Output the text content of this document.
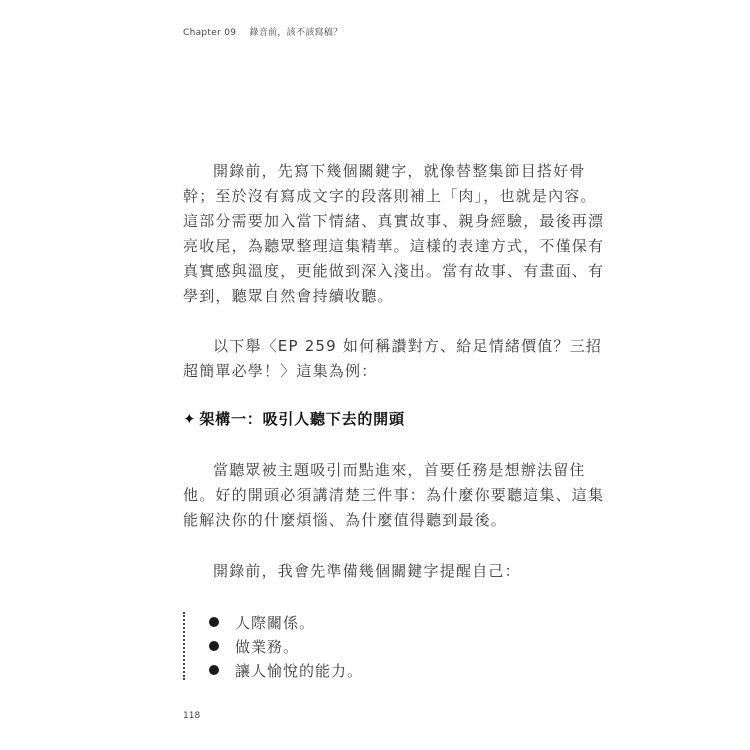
Chapter 09 錄音前，該不該寫稿？

開錄前，先寫下幾個關鍵字，就像替整集節目搭好骨
幹；至於沒有寫成文字的段落則補上「肉」，也就是內容。
這部分需要加入當下情緒、真實故事、親身經驗，最後再漂
亮收尾，為聽眾整理這集精華。這樣的表達方式，不僅保有
真實感與溫度，更能做到深入淺出。當有故事、有畫面、有
學到，聽眾自然會持續收聽。

以下舉〈EP 259 如何稱讚對方、給足情緒價值？三招
超簡單必學！〉這集為例：

✦ 架構一：吸引人聽下去的開頭

當聽眾被主題吸引而點進來，首要任務是想辦法留住
他。好的開頭必須講清楚三件事：為什麼你要聽這集、這集
能解決你的什麼煩惱、為什麼值得聽到最後。

開錄前，我會先準備幾個關鍵字提醒自己：

人際關係。
做業務。
讓人愉悅的能力。
118
